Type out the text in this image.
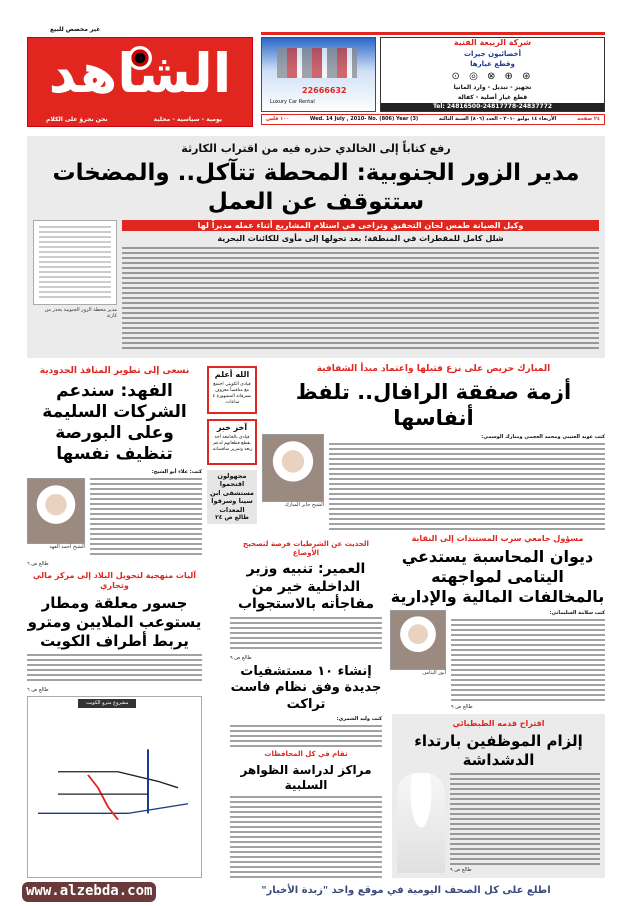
غير مخصص للبيع
الشاهد
نحن نجرؤ على الكلام	يومية - سياسية - محلية
شركة الربيعة الفنية
أخصائيون جيرات
وقطع غيارها
⊛ ⊕ ⊗ ◎ ⊙
تجهيز - تبديل - وارد المانيا
قطع غيار أصلية - كفالة
Tel: 24816500-24817778-24837772
22666632
Luxury Car Rental
٢٤ صفحة
الأربعاء ١٤ يوليو ٢٠١٠ - العدد (٨٠٦) السنة الثالثة
Wed. 14 July , 2010- No. (806) Year (3)
١٠٠ فلس
رفع كتاباً إلى الخالدي حذره فيه من اقتراب الكارثة
مدير الزور الجنوبية: المحطة تتآكل.. والمضخات ستتوقف عن العمل
وكيل الصيانة طمس لجان التحقيق وتراخى في استلام المشاريع أثناء عمله مديراً لها
شلل كامل للمقطرات في المنطقة؛ بعد تحولها إلى مأوى للكائنات البحرية
مدير محطة الزور الجنوبية يحذر من كارثة
المبارك حريص على نزع فتيلها واعتماد مبدأ الشفافية
أزمة صفقة الرافال.. تلفظ أنفاسها
كتب عويد العتيبي ومحمد العجمي ومبارك الوسمي:
الشيخ جابر المبارك
الله أعلم
قيادي الكويتي اجتمع مع مناقصاً معروف بسرقاته المشهورة ٤ ساعات.
آخر خبر
قيادي بالجامعة أخذ يقطع قطعاتهم لدعم زبعه وتمرير مناقصاته.
مجهولون اقتحموا مستشفى ابن سينا وسرقوا المعدات
طالع ص ٢٤
نسعى إلى تطوير المنافذ الحدودية
الفهد: سندعم الشركات السليمة وعلى البورصة تنظيف نفسها
كتب: علاء أبو الشيخ:
الشيخ أحمد الفهد
طالع ص ٦
آليات منهجية لتحويل البلاد إلى مركز مالي وتجاري
جسور معلقة ومطار يستوعب الملايين ومترو يربط أطراف الكويت
طالع ص ٦
مشروع مترو الكويت
الحديث عن الشرطيات فرصة لتصحيح الأوضاع
العمير: تنبيه وزير الداخلية خير من مفاجأته بالاستجواب
طالع ص ٩
إنشاء ١٠ مستشفيات جديدة وفق نظام فاست تراكت
كتب وليد الشمري:
تقام في كل المحافظات
مراكز لدراسة الظواهر السلبية
مسؤول جامعي سرب المستندات إلى النقابة
ديوان المحاسبة يستدعي اليتامى لمواجهته بالمخالفات المالية والإدارية
كتب سلامة السليماني:
طالع ص ٩
أنور اليتامى
اقتراح قدمه الطبطبائي
إلزام الموظفين بارتداء الدشداشة
طالع ص ٩
www.alzebda.com	اطلع على كل الصحف اليومية في موقع واحد "زبدة الأخبار"
